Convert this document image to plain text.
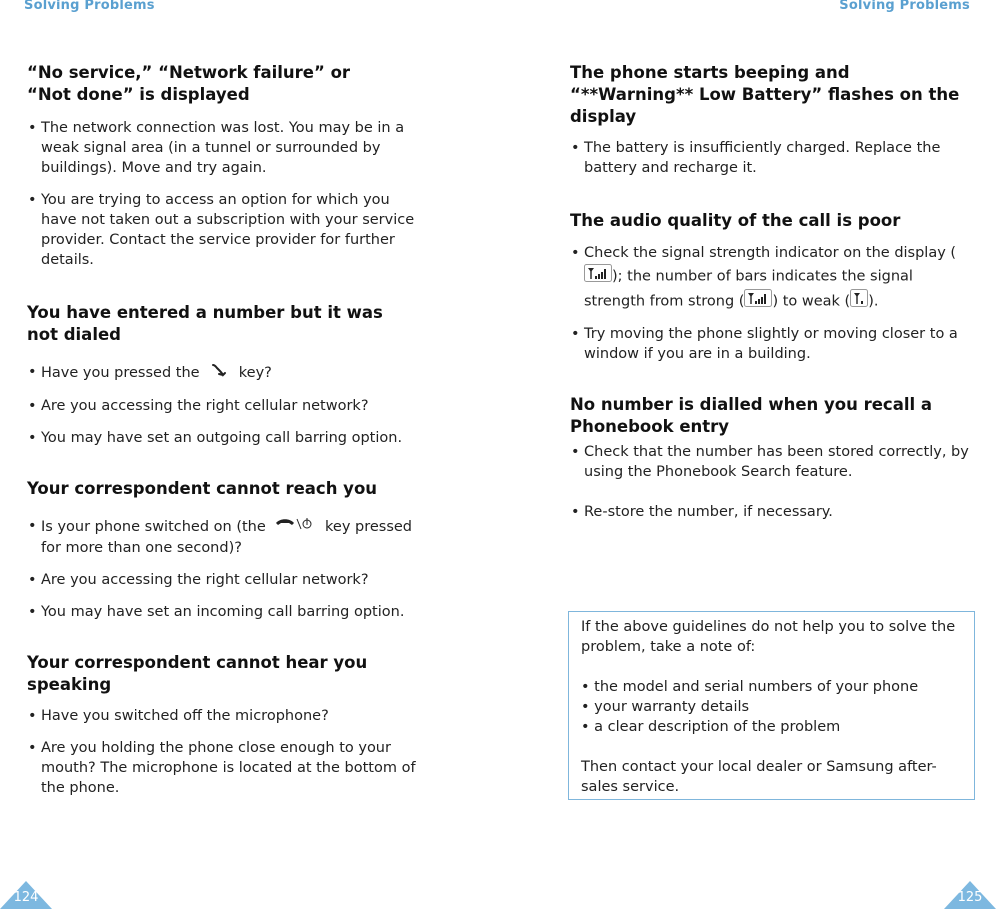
Solving Problems
“No service,” “Network failure” or “Not done” is displayed
• The network connection was lost. You may be in a weak signal area (in a tunnel or surrounded by buildings). Move and try again.
• You are trying to access an option for which you have not taken out a subscription with your service provider. Contact the service provider for further details.
You have entered a number but it was not dialed
• Have you pressed the  key?
• Are you accessing the right cellular network?
• You may have set an outgoing call barring option.
Your correspondent cannot reach you
• Is your phone switched on (the	key pressed for more than one second)?
• Are you accessing the right cellular network?
• You may have set an incoming call barring option.
Your correspondent cannot hear you speaking
• Have you switched off the microphone?
• Are you holding the phone close enough to your mouth? The microphone is located at the bottom of the phone.
124
Solving Problems
The phone starts beeping and “**Warning** Low Battery” flashes on the display
• The battery is insufficiently charged. Replace the battery and recharge it.
The audio quality of the call is poor
• Check the signal strength indicator on the display (); the number of bars indicates the signal strength from strong ( ) to weak ( ).
• Try moving the phone slightly or moving closer to a window if you are in a building.
No number is dialled when you recall a Phonebook entry
• Check that the number has been stored correctly, by using the Phonebook Search feature.
• Re-store the number, if necessary.

If the above guidelines do not help you to solve the problem, take a note of:

• the model and serial numbers of your phone

• your warranty details

• a clear description of the problem

Then contact your local dealer or Samsung after-sales service.

125
